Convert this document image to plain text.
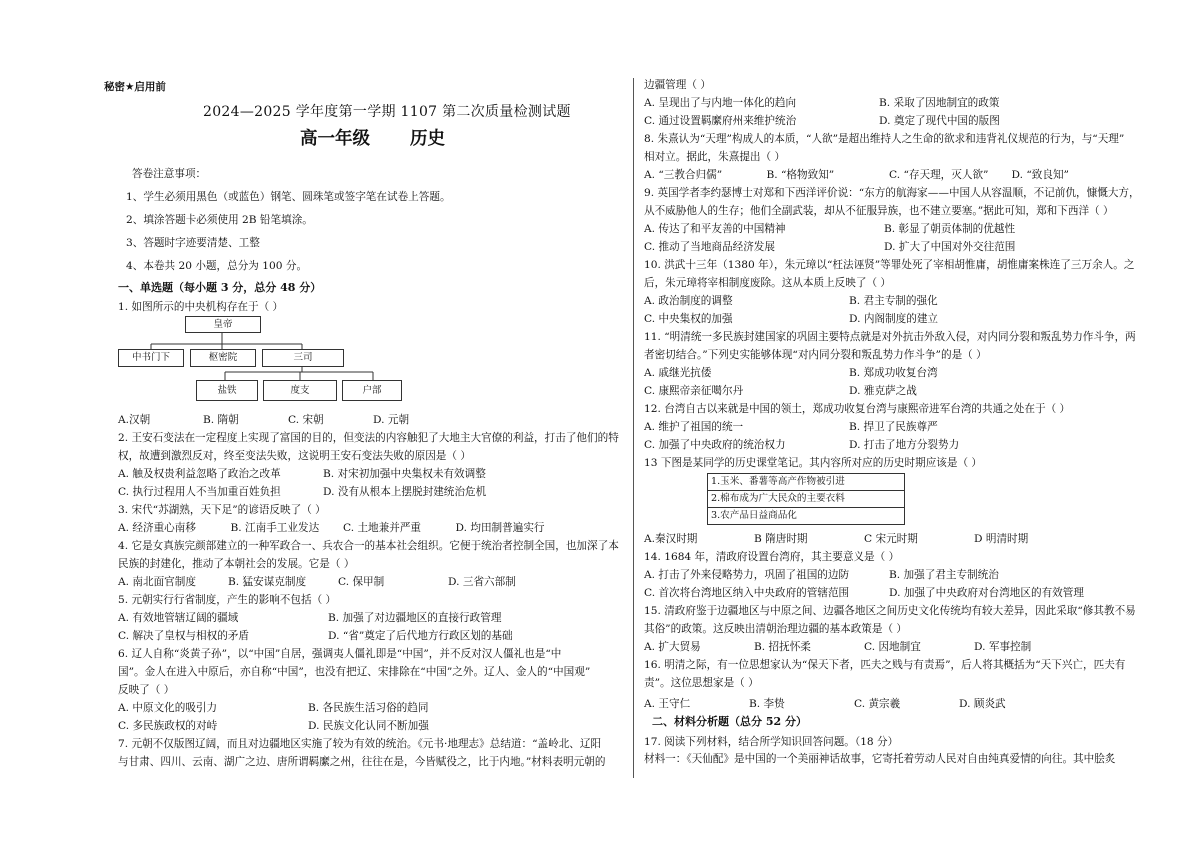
秘密★启用前
2024—2025 学年度第一学期 1107 第二次质量检测试题
高一年级 历史
答卷注意事项：
1、学生必须用黑色（或蓝色）钢笔、圆珠笔或签字笔在试卷上答题。
2、填涂答题卡必须使用 2B 铅笔填涂。
3、答题时字迹要清楚、工整
4、本卷共 20 小题，总分为 100 分。
一、单选题（每小题 3 分，总分 48 分）
1. 如图所示的中央机构存在于（ ）
皇帝
中书门下	枢密院	三司
盐铁	度支	户部
A.汉朝	B. 隋朝	C. 宋朝	D. 元朝
2. 王安石变法在一定程度上实现了富国的目的，但变法的内容触犯了大地主大官僚的利益，打击了他们的特
权，故遭到激烈反对，终至变法失败，这说明王安石变法失败的原因是（ ）
A. 触及权贵利益忽略了政治之改革	B. 对宋初加强中央集权未有效调整
C. 执行过程用人不当加重百姓负担	D. 没有从根本上摆脱封建统治危机
3. 宋代“苏湖熟，天下足”的谚语反映了（ ）
A. 经济重心南移	B. 江南手工业发达	C. 土地兼并严重	D. 均田制普遍实行
4. 它是女真族完颜部建立的一种军政合一、兵农合一的基本社会组织。它便于统治者控制全国，也加深了本
民族的封建化，推动了本朝社会的发展。它是（ ）
A. 南北面官制度	B. 猛安谋克制度	C. 保甲制	D. 三省六部制
5. 元朝实行行省制度，产生的影响不包括（ ）
A. 有效地管辖辽阔的疆域	B. 加强了对边疆地区的直接行政管理
C. 解决了皇权与相权的矛盾	D. “省”奠定了后代地方行政区划的基础
6. 辽人自称“炎黄子孙”，以“中国”自居，强调夷人僵礼即是“中国”，并不反对汉人僵礼也是“中
国”。金人在进入中原后，亦自称“中国”，也没有把辽、宋排除在“中国”之外。辽人、金人的“中国观”
反映了（ ）
A. 中原文化的吸引力	B. 各民族生活习俗的趋同
C. 多民族政权的对峙	D. 民族文化认同不断加强
7. 元朝不仅版图辽阔，而且对边疆地区实施了较为有效的统治。《元书·地理志》总结道：“盖岭北、辽阳
与甘肃、四川、云南、湖广之边、唐所谓羁縻之州，往往在是，今皆赋役之，比于内地。”材料表明元朝的
边疆管理（ ）
A. 呈现出了与内地一体化的趋向	B. 采取了因地制宜的政策
C. 通过设置羁縻府州来维护统治	D. 奠定了现代中国的版图
8. 朱熹认为“天理”构成人的本质，“人欲”是超出维持人之生命的欲求和违背礼仪规范的行为，与“天理”
相对立。据此，朱熹提出（ ）
A. “三教合归儒”	B. “格物致知”	C. “存天理，灭人欲”	D. “致良知”
9. 英国学者李约瑟博士对郑和下西洋评价说：“东方的航海家——中国人从容温顺，不记前仇，慷慨大方，
从不威胁他人的生存；他们全副武装，却从不征服异族，也不建立要塞。”据此可知，郑和下西洋（ ）
A. 传达了和平友善的中国精神	B. 彰显了朝贡体制的优越性
C. 推动了当地商品经济发展	D. 扩大了中国对外交往范围
10. 洪武十三年（1380 年），朱元璋以“枉法诬贤”等罪处死了宰相胡惟庸，胡惟庸案株连了三万余人。之
后，朱元璋将宰相制度废除。这从本质上反映了（ ）
A. 政治制度的调整	B. 君主专制的强化
C. 中央集权的加强	D. 内阁制度的建立
11. “明清统一多民族封建国家的巩固主要特点就是对外抗击外敌入侵，对内同分裂和叛乱势力作斗争，两
者密切结合。”下列史实能够体现“对内同分裂和叛乱势力作斗争”的是（ ）
A. 戚继光抗倭	B. 郑成功收复台湾
C. 康熙帝亲征噶尔丹	D. 雅克萨之战
12. 台湾自古以来就是中国的领土，郑成功收复台湾与康熙帝进军台湾的共通之处在于（ ）
A. 维护了祖国的统一	B. 捍卫了民族尊严
C. 加强了中央政府的统治权力	D. 打击了地方分裂势力
13 下图是某同学的历史课堂笔记。其内容所对应的历史时期应该是（ ）
1.玉米、番薯等高产作物被引进
2.棉布成为广大民众的主要衣料
3.农产品日益商品化
A.秦汉时期	B 隋唐时期	C 宋元时期	D 明清时期
14. 1684 年，清政府设置台湾府，其主要意义是（ ）
A. 打击了外来侵略势力，巩固了祖国的边防	B. 加强了君主专制统治
C. 首次将台湾地区纳入中央政府的管辖范围	D. 加强了中央政府对台湾地区的有效管理
15. 清政府鉴于边疆地区与中原之间、边疆各地区之间历史文化传统均有较大差异，因此采取“修其教不易
其俗”的政策。这反映出清朝治理边疆的基本政策是（ ）
A. 扩大贸易	B. 招抚怀柔	C. 因地制宜	D. 军事控制
16. 明清之际，有一位思想家认为“保天下者，匹夫之贱与有责焉”，后人将其概括为“天下兴亡，匹夫有
责”。这位思想家是（ ）
A. 王守仁	B. 李贽	C. 黄宗羲	D. 顾炎武
二、材料分析题（总分 52 分）
17. 阅读下列材料，结合所学知识回答问题。（18 分）
材料一：《天仙配》是中国的一个美丽神话故事，它寄托着劳动人民对自由纯真爱情的向往。其中脍炙
